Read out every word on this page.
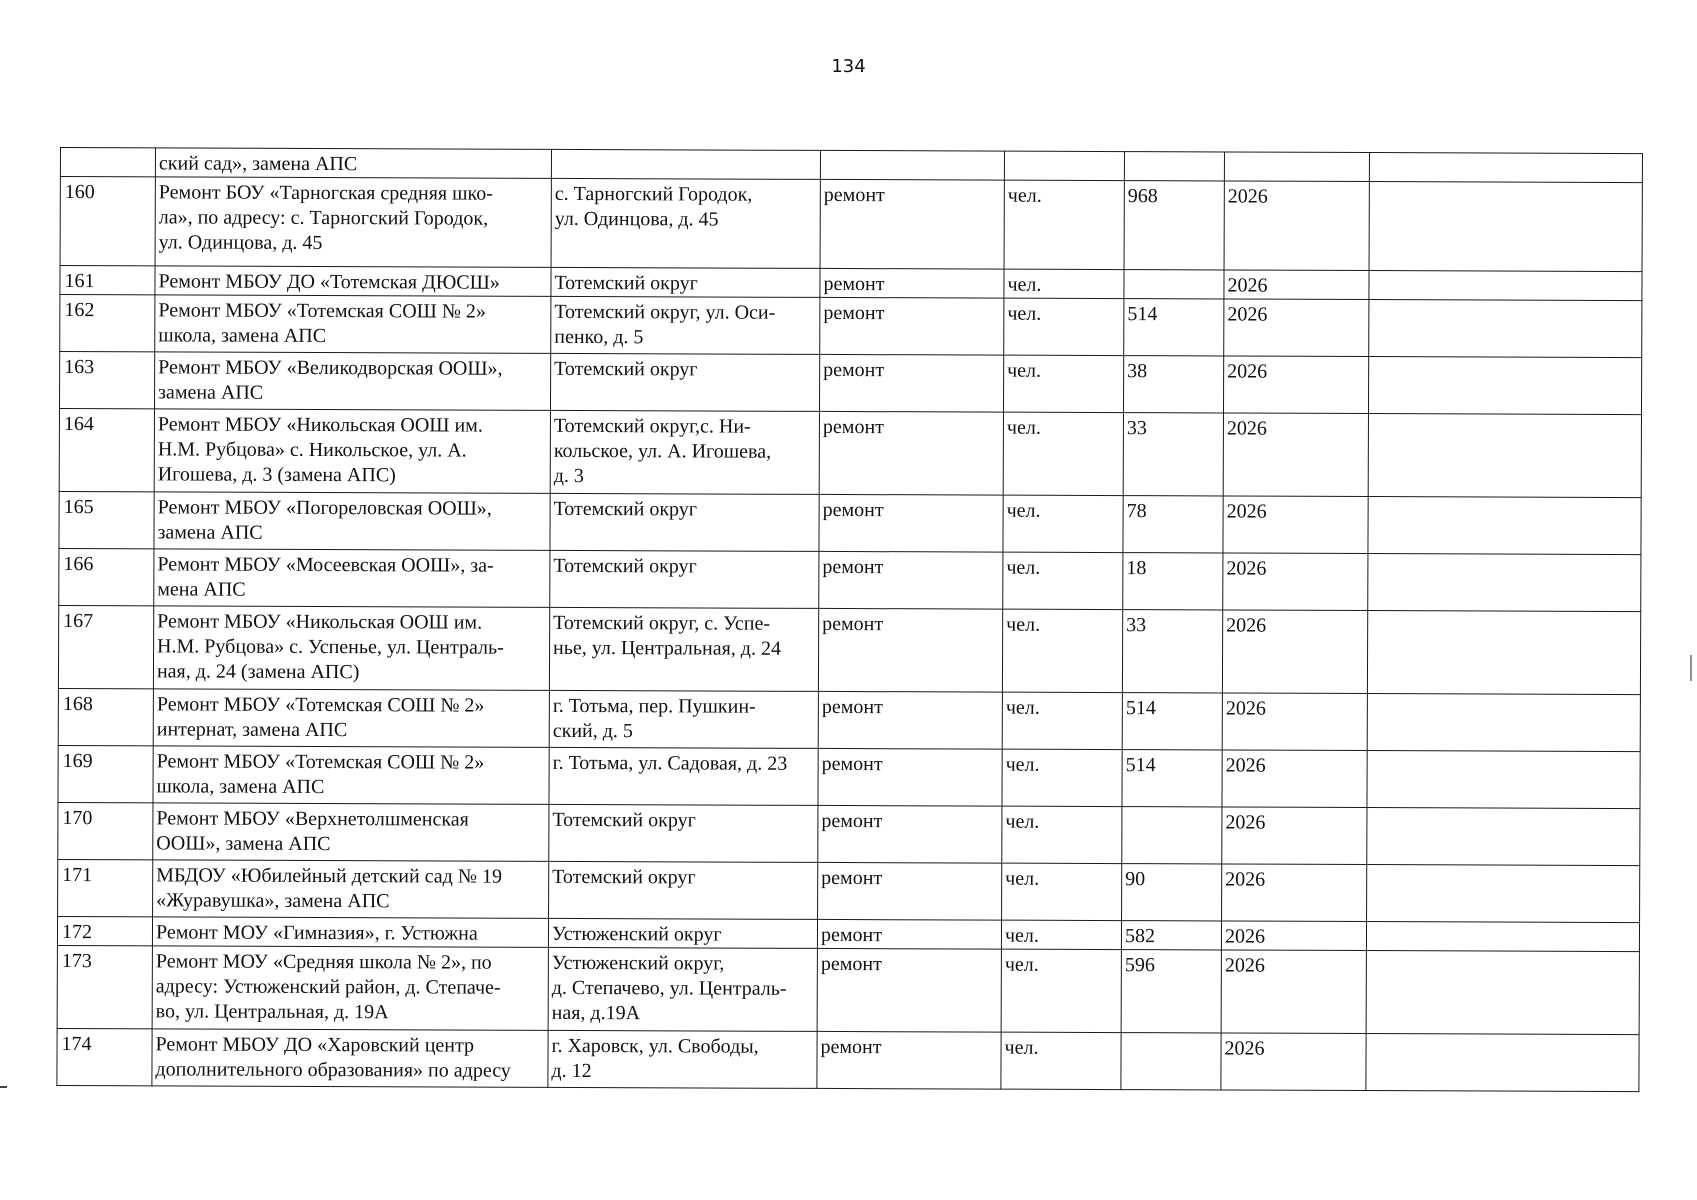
134
	ский сад», замена АПС						
160	Ремонт БОУ «Тарногская средняя шко-
ла», по адресу: с. Тарногский Городок,
ул. Одинцова, д. 45	с. Тарногский Городок,
ул. Одинцова, д. 45	ремонт	чел.	968	2026	
161	Ремонт МБОУ ДО «Тотемская ДЮСШ»	Тотемский округ	ремонт	чел.		2026	
162	Ремонт МБОУ «Тотемская СОШ № 2»
школа, замена АПС	Тотемский округ, ул. Оси-
пенко, д. 5	ремонт	чел.	514	2026	
163	Ремонт МБОУ «Великодворская ООШ»,
замена АПС	Тотемский округ	ремонт	чел.	38	2026	
164	Ремонт МБОУ «Никольская ООШ им.
Н.М. Рубцова» с. Никольское, ул. А.
Игошева, д. 3 (замена АПС)	Тотемский округ,с. Ни-
кольское, ул. А. Игошева,
д. 3	ремонт	чел.	33	2026	
165	Ремонт МБОУ «Погореловская ООШ»,
замена АПС	Тотемский округ	ремонт	чел.	78	2026	
166	Ремонт МБОУ «Мосеевская ООШ», за-
мена АПС	Тотемский округ	ремонт	чел.	18	2026	
167	Ремонт МБОУ «Никольская ООШ им.
Н.М. Рубцова» с. Успенье, ул. Централь-
ная, д. 24 (замена АПС)	Тотемский округ, с. Успе-
нье, ул. Центральная, д. 24	ремонт	чел.	33	2026	
168	Ремонт МБОУ «Тотемская СОШ № 2»
интернат, замена АПС	г. Тотьма, пер. Пушкин-
ский, д. 5	ремонт	чел.	514	2026	
169	Ремонт МБОУ «Тотемская СОШ № 2»
школа, замена АПС	г. Тотьма, ул. Садовая, д. 23	ремонт	чел.	514	2026	
170	Ремонт МБОУ «Верхнетолшменская
ООШ», замена АПС	Тотемский округ	ремонт	чел.		2026	
171	МБДОУ «Юбилейный детский сад № 19
«Журавушка», замена АПС	Тотемский округ	ремонт	чел.	90	2026	
172	Ремонт МОУ «Гимназия», г. Устюжна	Устюженский округ	ремонт	чел.	582	2026	
173	Ремонт МОУ «Средняя школа № 2», по
адресу: Устюженский район, д. Степаче-
во, ул. Центральная, д. 19А	Устюженский округ,
д. Степачево, ул. Централь-
ная, д.19А	ремонт	чел.	596	2026	
174	Ремонт МБОУ ДО «Харовский центр
дополнительного образования» по адресу	г. Харовск, ул. Свободы,
д. 12	ремонт	чел.		2026	
